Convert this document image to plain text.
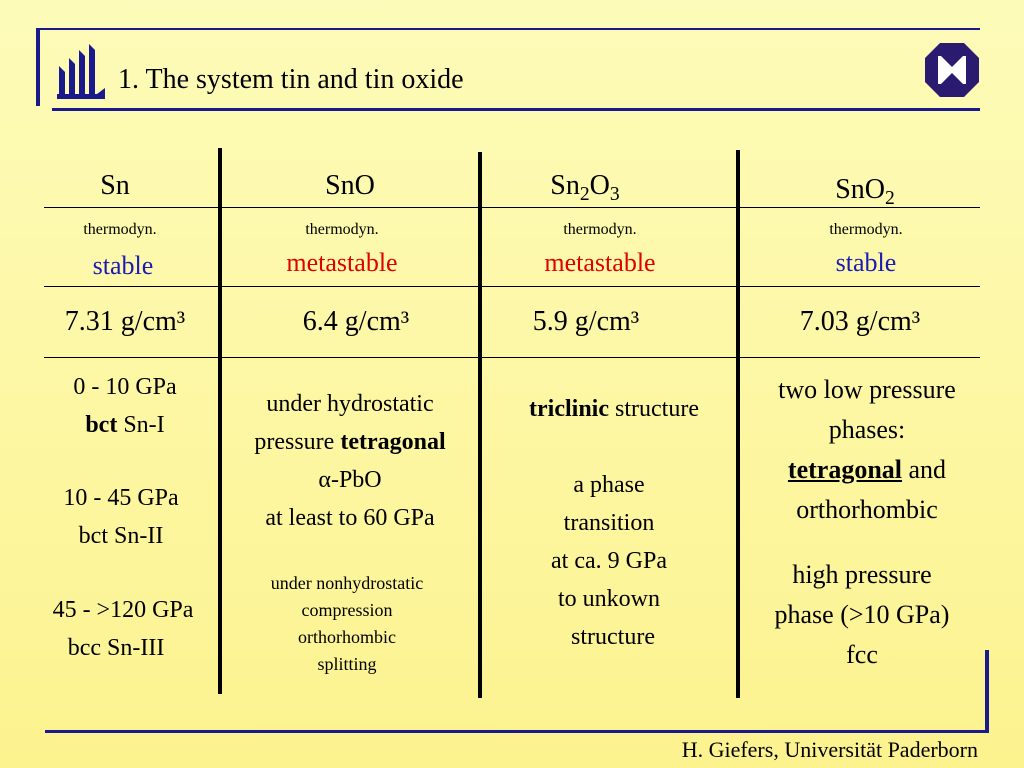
1. The system tin and tin oxide
Sn
thermodyn.
stable
7.31 g/cm³
0 - 10 GPa
bct Sn-I
10 - 45 GPa
bct Sn-II
45 - >120 GPa
bcc Sn-III
SnO
thermodyn.
metastable
6.4 g/cm³
under hydrostatic
pressure tetragonal
α-PbO
at least to 60 GPa
under nonhydrostatic
compression
orthorhombic
splitting
$Sn_2O_3$
thermodyn.
metastable
5.9 g/cm³
triclinic structure
a phase
transition
at ca. 9 GPa
to unkown
structure
SnO$_2$
thermodyn.
stable
7.03 g/cm³
two low pressure
phases:
tetragonal and
orthorhombic
high pressure
phase (>10 GPa)
fcc
H. Giefers, Universität Paderborn
